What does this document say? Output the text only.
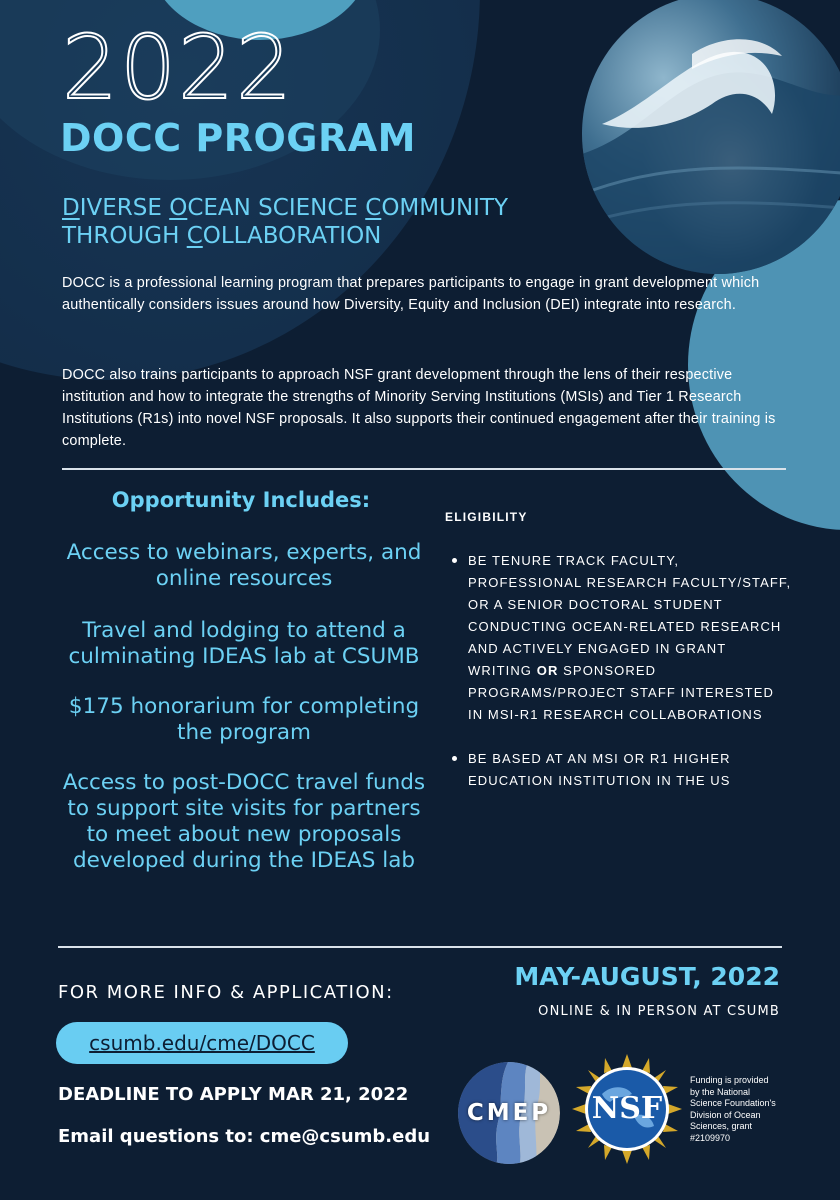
2022
DOCC PROGRAM
DIVERSE OCEAN SCIENCE COMMUNITY
THROUGH COLLABORATION

DOCC is a professional learning program that prepares participants to engage in grant development which authentically considers issues around how Diversity, Equity and Inclusion (DEI) integrate into research.

DOCC also trains participants to approach NSF grant development through the lens of their respective institution and how to integrate the strengths of Minority Serving Institutions (MSIs) and Tier 1 Research Institutions (R1s) into novel NSF proposals. It also supports their continued engagement after their training is complete.

Opportunity Includes:
Access to webinars, experts, and online resources
Travel and lodging to attend a culminating IDEAS lab at CSUMB
$175 honorarium for completing the program
Access to post-DOCC travel funds to support site visits for partners to meet about new proposals developed during the IDEAS lab
ELIGIBILITY
BE TENURE TRACK FACULTY, PROFESSIONAL RESEARCH FACULTY/STAFF, OR A SENIOR DOCTORAL STUDENT CONDUCTING OCEAN-RELATED RESEARCH AND ACTIVELY ENGAGED IN GRANT WRITING OR SPONSORED PROGRAMS/PROJECT STAFF INTERESTED IN MSI-R1 RESEARCH COLLABORATIONS
BE BASED AT AN MSI OR R1 HIGHER EDUCATION INSTITUTION IN THE US
FOR MORE INFO & APPLICATION:
csumb.edu/cme/DOCC
DEADLINE TO APPLY MAR 21, 2022
Email questions to: cme@csumb.edu
MAY-AUGUST, 2022
ONLINE & IN PERSON AT CSUMB
CMEP	NSF
Funding is provided
by the National
Science Foundation's
Division of Ocean
Sciences, grant
#2109970
